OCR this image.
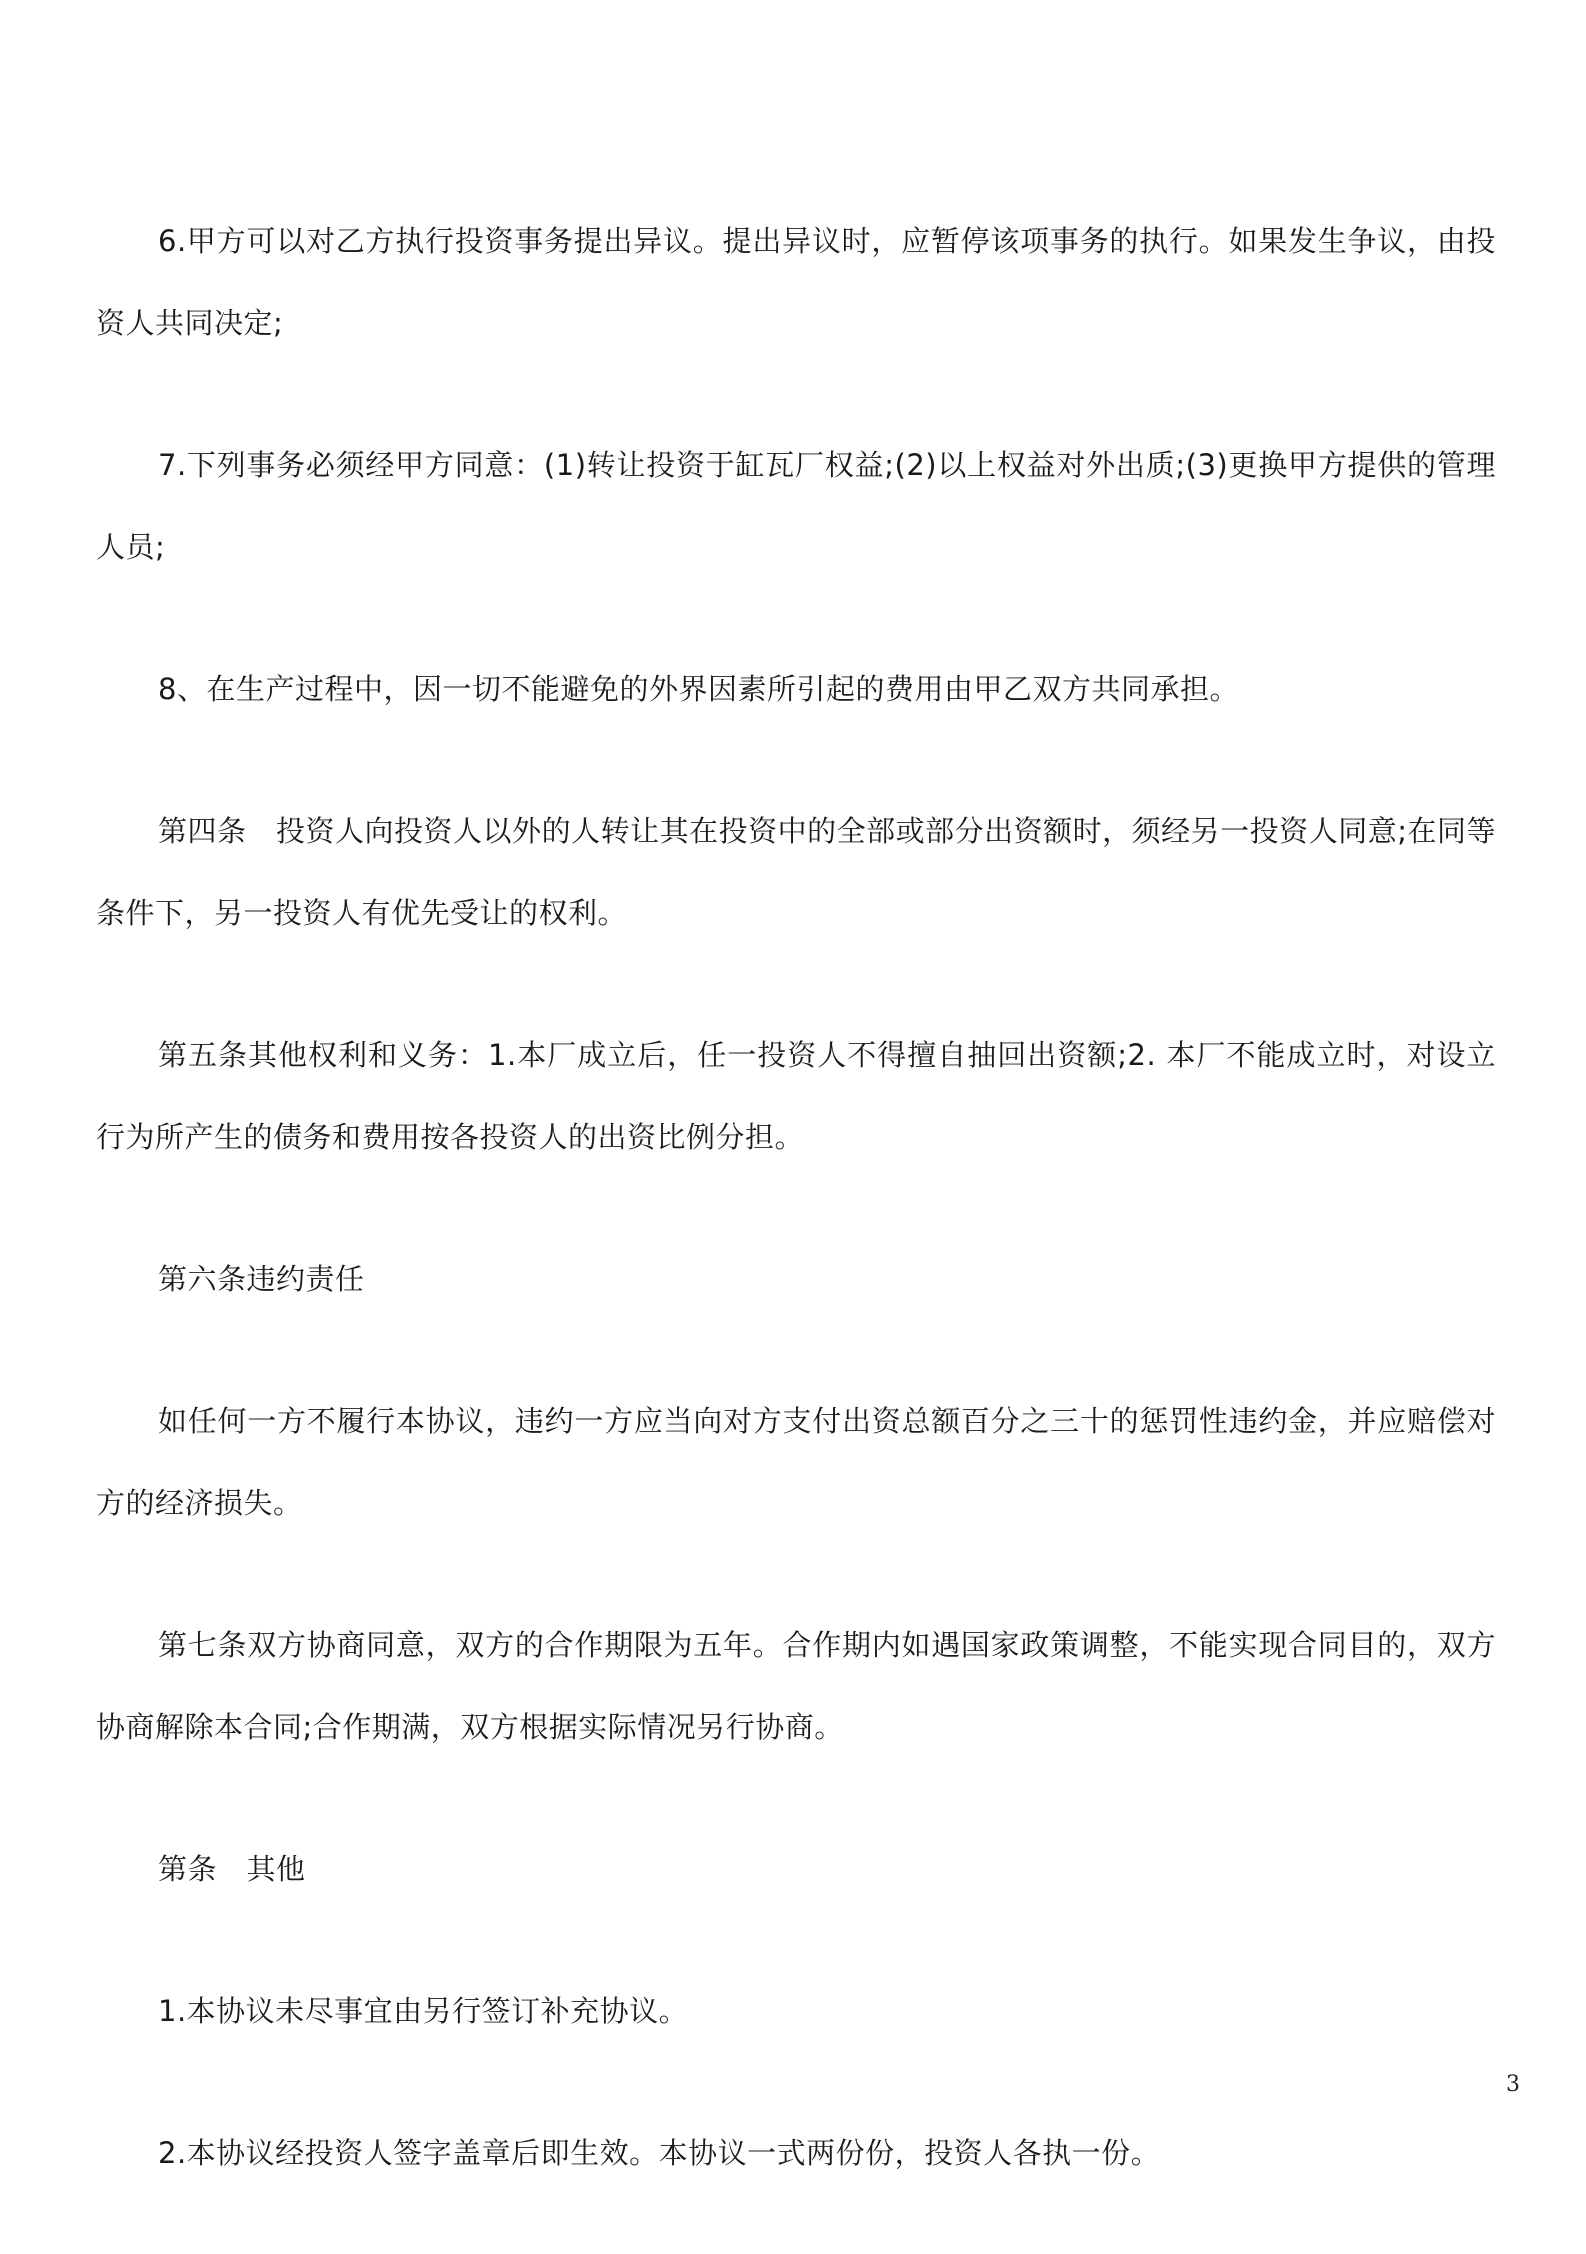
6.甲方可以对乙方执行投资事务提出异议。提出异议时，应暂停该项事务的执行。如果发生争议，由投资人共同决定;

7.下列事务必须经甲方同意：(1)转让投资于缸瓦厂权益;(2)以上权益对外出质;(3)更换甲方提供的管理人员;

8、在生产过程中，因一切不能避免的外界因素所引起的费用由甲乙双方共同承担。

第四条　投资人向投资人以外的人转让其在投资中的全部或部分出资额时，须经另一投资人同意;在同等条件下，另一投资人有优先受让的权利。

第五条其他权利和义务：1.本厂成立后，任一投资人不得擅自抽回出资额;2. 本厂不能成立时，对设立行为所产生的债务和费用按各投资人的出资比例分担。

第六条违约责任

如任何一方不履行本协议，违约一方应当向对方支付出资总额百分之三十的惩罚性违约金，并应赔偿对方的经济损失。

第七条双方协商同意，双方的合作期限为五年。合作期内如遇国家政策调整，不能实现合同目的，双方协商解除本合同;合作期满，双方根据实际情况另行协商。

第条　其他

1.本协议未尽事宜由另行签订补充协议。

2.本协议经投资人签字盖章后即生效。本协议一式两份份，投资人各执一份。

3
